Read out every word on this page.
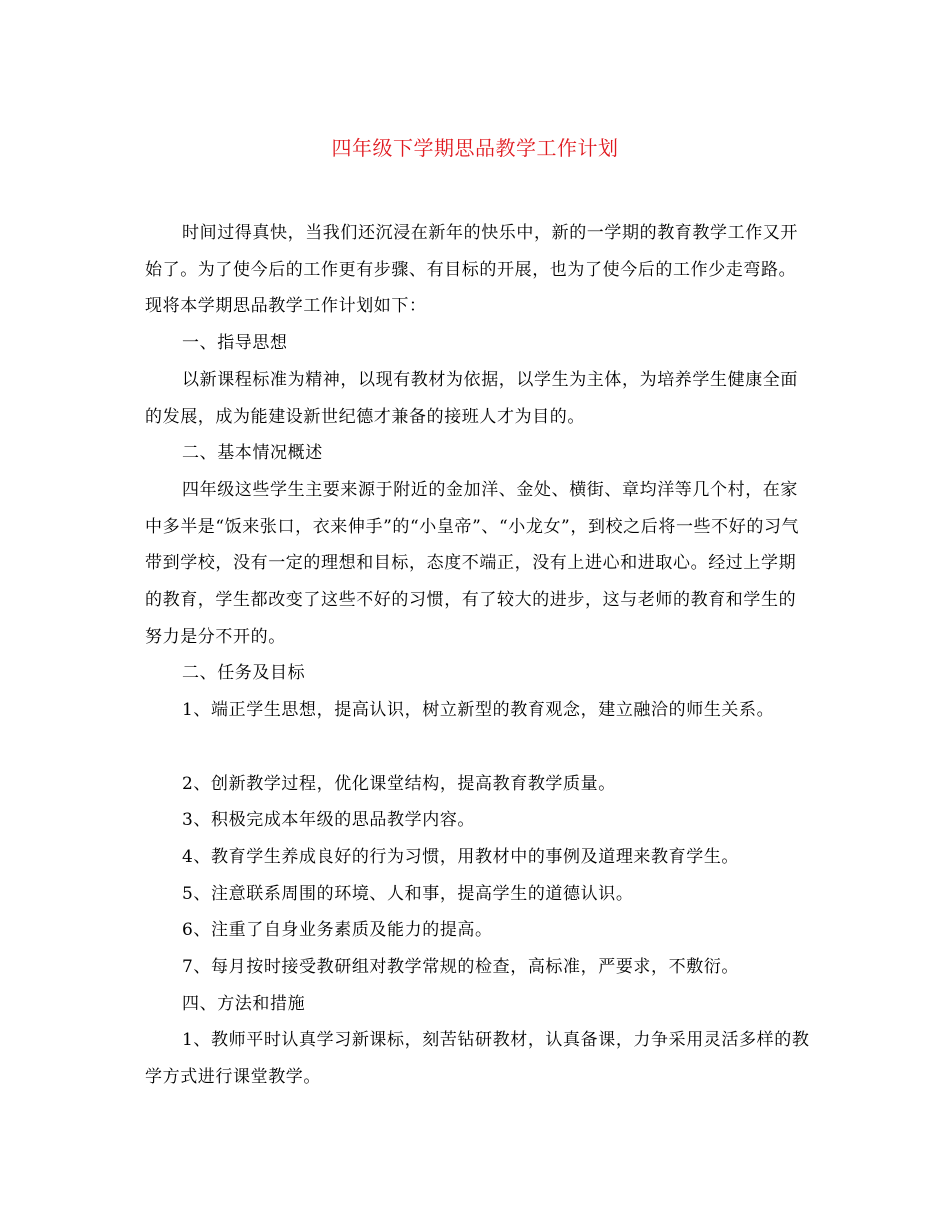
四年级下学期思品教学工作计划

时间过得真快，当我们还沉浸在新年的快乐中，新的一学期的教育教学工作又开始了。为了使今后的工作更有步骤、有目标的开展，也为了使今后的工作少走弯路。现将本学期思品教学工作计划如下：

一、指导思想

以新课程标准为精神，以现有教材为依据，以学生为主体，为培养学生健康全面的发展，成为能建设新世纪德才兼备的接班人才为目的。

二、基本情况概述

四年级这些学生主要来源于附近的金加洋、金处、横街、章均洋等几个村，在家中多半是“饭来张口，衣来伸手”的“小皇帝”、“小龙女”，到校之后将一些不好的习气带到学校，没有一定的理想和目标，态度不端正，没有上进心和进取心。经过上学期的教育，学生都改变了这些不好的习惯，有了较大的进步，这与老师的教育和学生的努力是分不开的。

二、任务及目标

1、端正学生思想，提高认识，树立新型的教育观念，建立融洽的师生关系。

2、创新教学过程，优化课堂结构，提高教育教学质量。

3、积极完成本年级的思品教学内容。

4、教育学生养成良好的行为习惯，用教材中的事例及道理来教育学生。

5、注意联系周围的环境、人和事，提高学生的道德认识。

6、注重了自身业务素质及能力的提高。

7、每月按时接受教研组对教学常规的检查，高标准，严要求，不敷衍。

四、方法和措施

1、教师平时认真学习新课标，刻苦钻研教材，认真备课，力争采用灵活多样的教学方式进行课堂教学。
